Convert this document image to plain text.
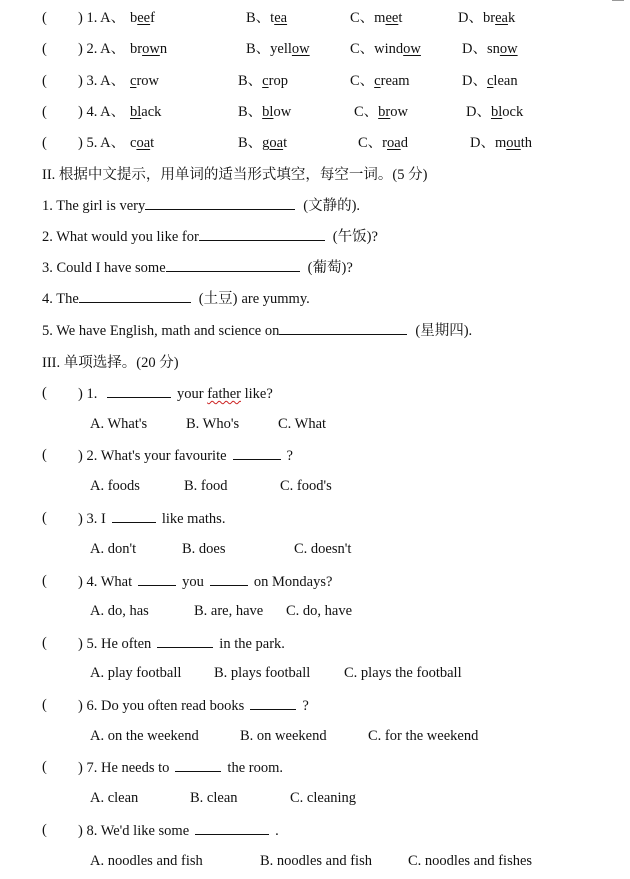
( ) 1. A、 beef	B、tea	C、meet	D、break
( ) 2. A、 brown	B、yellow	C、window	D、snow
( ) 3. A、 crow	B、crop	C、cream	D、clean
( ) 4. A、 black	B、blow	C、brow	D、block
( ) 5. A、 coat	B、goat	C、road	D、mouth
II. 根据中文提示，用单词的适当形式填空，每空一词。(5 分)
1. The girl is very	(文静的).
2. What would you like for	(午饭)?
3. Could I have some	(葡萄)?
4. The	(土豆) are yummy.
5. We have English, math and science on	(星期四).
III. 单项选择。(20 分)
( ) 1.	your father like?
A. What's	B. Who's	C. What
( ) 2. What's your favourite	?
A. foods	B. food	C. food's
( ) 3. I	like maths.
A. don't	B. does	C. doesn't
( ) 4. What	you	on Mondays?
A. do, has	B. are, have C. do, have
( ) 5. He often	in the park.
A. play football B. plays football C. plays the football
( ) 6. Do you often read books	?
A. on the weekend	B. on weekend	C. for the weekend
( ) 7. He needs to	the room.
A. clean	B. clean	C. cleaning
( ) 8. We'd like some	.
A. noodles and fish	B. noodles and fish C. noodles and fishes
